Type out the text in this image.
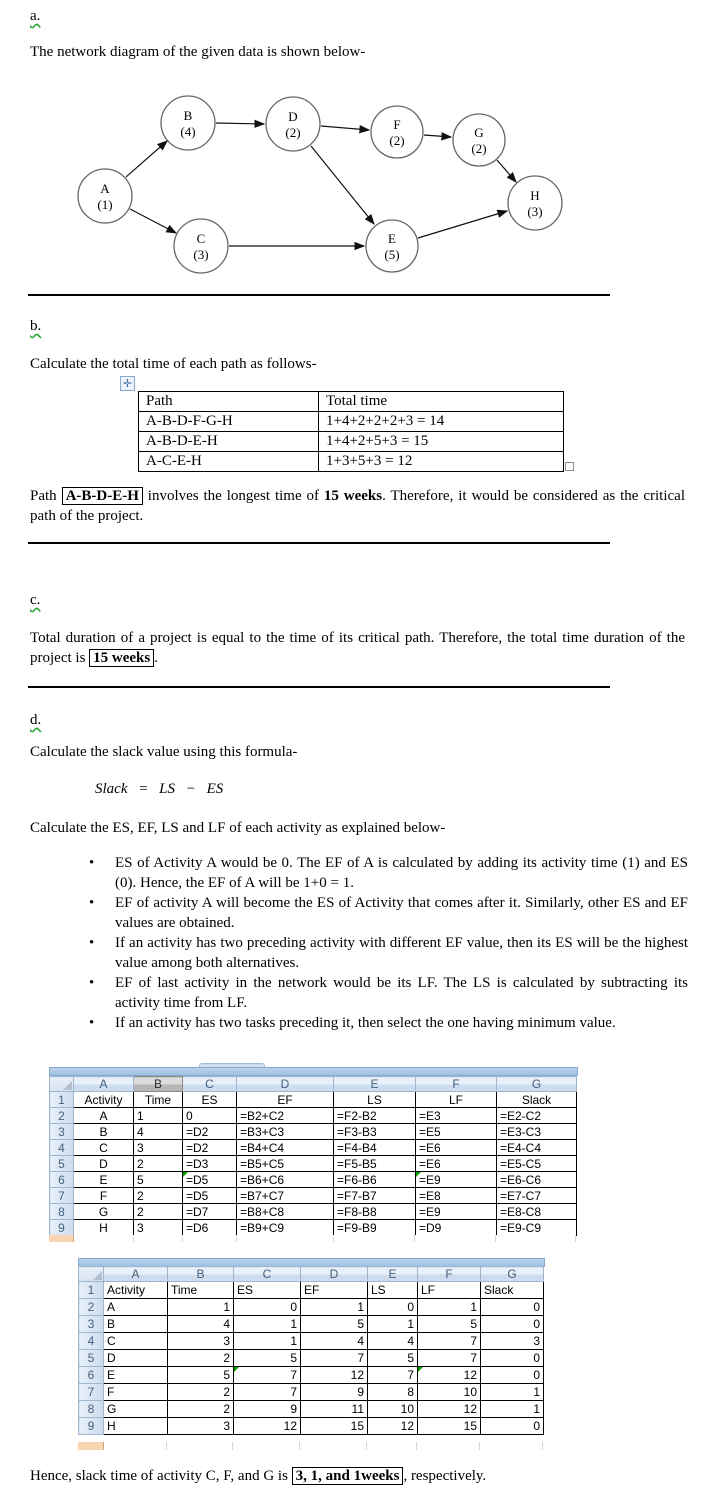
a.
The network diagram of the given data is shown below-
A
(1)
B
(4)
C
(3)
D
(2)
E
(5)
F
(2)
G
(2)
H
(3)
b.
Calculate the total time of each path as follows-
✛
Path	Total time
A-B-D-F-G-H	1+4+2+2+2+3 = 14
A-B-D-E-H	1+4+2+5+3 = 15
A-C-E-H	1+3+5+3 = 12
Path A-B-D-E-H involves the longest time of 15 weeks. Therefore, it would be considered as the critical path of the project.
c.
Total duration of a project is equal to the time of its critical path. Therefore, the total time duration of the project is 15 weeks .
d.
Calculate the slack value using this formula-
Slack = LS − ES
Calculate the ES, EF, LS and LF of each activity as explained below-
• ES of Activity A would be 0. The EF of A is calculated by adding its activity time (1) and ES (0). Hence, the EF of A will be 1+0 = 1.
• EF of activity A will become the ES of Activity that comes after it. Similarly, other ES and EF values are obtained.
• If an activity has two preceding activity with different EF value, then its ES will be the highest value among both alternatives.
• EF of last activity in the network would be its LF. The LS is calculated by subtracting its activity time from LF.
• If an activity has two tasks preceding it, then select the one having minimum value.
	A	B	C	D	E	F	G
1	Activity	Time	ES	EF	LS	LF	Slack
2	A	1	0	=B2+C2	=F2-B2	=E3	=E2-C2
3	B	4	=D2	=B3+C3	=F3-B3	=E5	=E3-C3
4	C	3	=D2	=B4+C4	=F4-B4	=E6	=E4-C4
5	D	2	=D3	=B5+C5	=F5-B5	=E6	=E5-C5
6	E	5	=D5	=B6+C6	=F6-B6	=E9	=E6-C6
7	F	2	=D5	=B7+C7	=F7-B7	=E8	=E7-C7
8	G	2	=D7	=B8+C8	=F8-B8	=E9	=E8-C8
9	H	3	=D6	=B9+C9	=F9-B9	=D9	=E9-C9
	A	B	C	D	E	F	G
1	Activity	Time	ES	EF	LS	LF	Slack
2	A	1	0	1	0	1	0
3	B	4	1	5	1	5	0
4	C	3	1	4	4	7	3
5	D	2	5	7	5	7	0
6	E	5	7	12	7	12	0
7	F	2	7	9	8	10	1
8	G	2	9	11	10	12	1
9	H	3	12	15	12	15	0
Hence, slack time of activity C, F, and G is 3, 1, and 1weeks , respectively.
